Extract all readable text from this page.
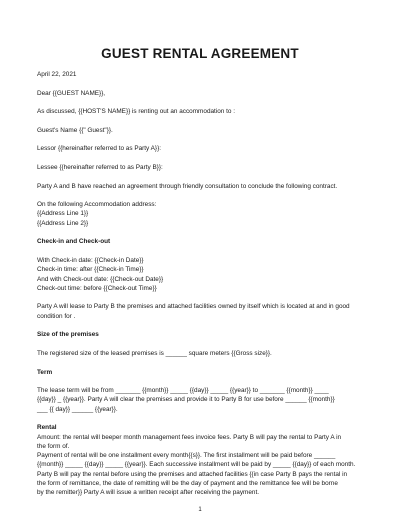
GUEST RENTAL AGREEMENT

April 22, 2021

Dear {{GUEST NAME}},

As discussed, {{HOST'S NAME}} is renting out an accommodation to :

Guest's Name {{" Guest"}}.

Lessor {{hereinafter referred to as Party A}}:

Lessee {{hereinafter referred to as Party B}}:

Party A and B have reached an agreement through friendly consultation to conclude the following contract.

On the following Accommodation address:

{{Address Line 1}}

{{Address Line 2}}

Check-in and Check-out

With Check-in date: {{Check-in Date}}

Check-in time: after {{Check-in Time}}

And with Check-out date: {{Check-out Date}}

Check-out time: before {{Check-out Time}}

Party A will lease to Party B the premises and attached facilities owned by itself which is located at and in good condition for .

Size of the premises

The registered size of the leased premises is ______ square meters {{Gross size}}.

Term

The lease term will be from _______ {{month}} _____ {{day}} _____ {{year}} to _______ {{month}} ____

{{day}} _ {{year}}. Party A will clear the premises and provide it to Party B for use before ______ {{month}}

___ {{ day}} ______ {{year}}.

Rental

Amount: the rental will beeper month management fees invoice fees. Party B will pay the rental to Party A in

the form of.

Payment of rental will be one installment every month{{s}}. The first installment will be paid before ______

{{month}} _____ {{day}} _____ {{year}}. Each successive installment will be paid by _____ {{day}} of each month.

Party B will pay the rental before using the premises and attached facilities {{in case Party B pays the rental in

the form of remittance, the date of remitting will be the day of payment and the remittance fee will be borne

by the remitter}} Party A will issue a written receipt after receiving the payment.

1
